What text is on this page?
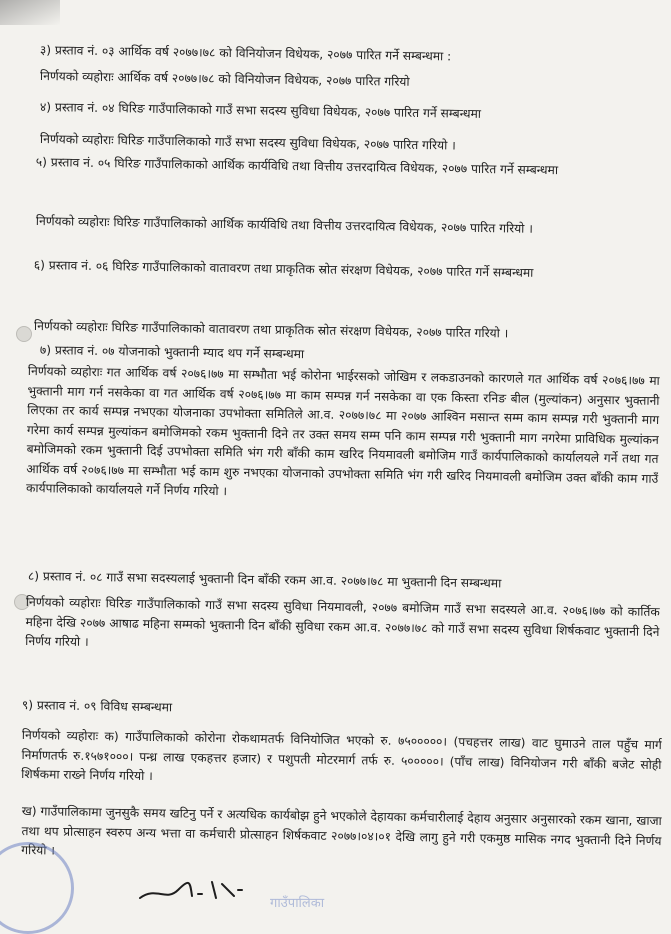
३) प्रस्ताव नं. ०३ आर्थिक वर्ष २०७७।७८ को विनियोजन विधेयक, २०७७ पारित गर्ने सम्बन्धमा :
निर्णयको व्यहोराः आर्थिक वर्ष २०७७।७८ को विनियोजन विधेयक, २०७७ पारित गरियो
४) प्रस्ताव नं. ०४ घिरिङ गाउँपालिकाको गाउँ सभा सदस्य सुविधा विधेयक, २०७७ पारित गर्ने सम्बन्धमा
निर्णयको व्यहोराः घिरिङ गाउँपालिकाको गाउँ सभा सदस्य सुविधा विधेयक, २०७७ पारित गरियो ।
५) प्रस्ताव नं. ०५ घिरिङ गाउँपालिकाको आर्थिक कार्यविधि तथा वित्तीय उत्तरदायित्व विधेयक, २०७७ पारित गर्ने सम्बन्धमा
निर्णयको व्यहोराः घिरिङ गाउँपालिकाको आर्थिक कार्यविधि तथा वित्तीय उत्तरदायित्व विधेयक, २०७७ पारित गरियो ।
६) प्रस्ताव नं. ०६ घिरिङ गाउँपालिकाको वातावरण तथा प्राकृतिक स्रोत संरक्षण विधेयक, २०७७ पारित गर्ने सम्बन्धमा
निर्णयको व्यहोराः घिरिङ गाउँपालिकाको वातावरण तथा प्राकृतिक स्रोत संरक्षण विधेयक, २०७७ पारित गरियो ।
७) प्रस्ताव नं. ०७ योजनाको भुक्तानी म्याद थप गर्ने सम्बन्धमा
निर्णयको व्यहोराः गत आर्थिक वर्ष २०७६।७७ मा सम्भौता भई कोरोना भाईरसको जोखिम र लकडाउनको कारणले गत आर्थिक वर्ष २०७६।७७ मा भुक्तानी माग गर्न नसकेका वा गत आर्थिक वर्ष २०७६।७७ मा काम सम्पन्न गर्न नसकेका वा एक किस्ता रनिङ बील (मुल्यांकन) अनुसार भुक्तानी लिएका तर कार्य सम्पन्न नभएका योजनाका उपभोक्ता समितिले आ.व. २०७७।७८ मा २०७७ आश्विन मसान्त सम्म काम सम्पन्न गरी भुक्तानी माग गरेमा कार्य सम्पन्न मुल्यांकन बमोजिमको रकम भुक्तानी दिने तर उक्त समय सम्म पनि काम सम्पन्न गरी भुक्तानी माग नगरेमा प्राविधिक मुल्यांकन बमोजिमको रकम भुक्तानी दिई उपभोक्ता समिति भंग गरी बाँकी काम खरिद नियमावली बमोजिम गाउँ कार्यपालिकाको कार्यालयले गर्ने तथा गत आर्थिक वर्ष २०७६।७७ मा सम्भौता भई काम शुरु नभएका योजनाको उपभोक्ता समिति भंग गरी खरिद नियमावली बमोजिम उक्त बाँकी काम गाउँ कार्यपालिकाको कार्यालयले गर्ने निर्णय गरियो ।
८) प्रस्ताव नं. ०८ गाउँ सभा सदस्यलाई भुक्तानी दिन बाँकी रकम आ.व. २०७७।७८ मा भुक्तानी दिन सम्बन्धमा
निर्णयको व्यहोराः घिरिङ गाउँपालिकाको गाउँ सभा सदस्य सुविधा नियमावली, २०७७ बमोजिम गाउँ सभा सदस्यले आ.व. २०७६।७७ को कार्तिक महिना देखि २०७७ आषाढ महिना सम्मको भुक्तानी दिन बाँकी सुविधा रकम आ.व. २०७७।७८ को गाउँ सभा सदस्य सुविधा शिर्षकवाट भुक्तानी दिने निर्णय गरियो ।
९) प्रस्ताव नं. ०९ विविध सम्बन्धमा
निर्णयको व्यहोराः क) गाउँपालिकाको कोरोना रोकथामतर्फ विनियोजित भएको रु. ७५०००००। (पचहत्तर लाख) वाट घुमाउने ताल पहुँच मार्ग निर्माणतर्फ रु.१५७१०००। पन्ध्र लाख एकहत्तर हजार) र पशुपती मोटरमार्ग तर्फ रु. ५०००००। (पाँच लाख) विनियोजन गरी बाँकी बजेट सोही शिर्षकमा राख्ने निर्णय गरियो ।
ख) गाउँपालिकामा जुनसुकै समय खटिनु पर्ने र अत्यधिक कार्यबोझ हुने भएकोले देहायका कर्मचारीलाई देहाय अनुसार अनुसारको रकम खाना, खाजा तथा थप प्रोत्साहन स्वरुप अन्य भत्ता वा कर्मचारी प्रोत्साहन शिर्षकवाट २०७७।०४।०१ देखि लागु हुने गरी एकमुष्ठ मासिक नगद भुक्तानी दिने निर्णय गरियो ।
गाउँपालिका
